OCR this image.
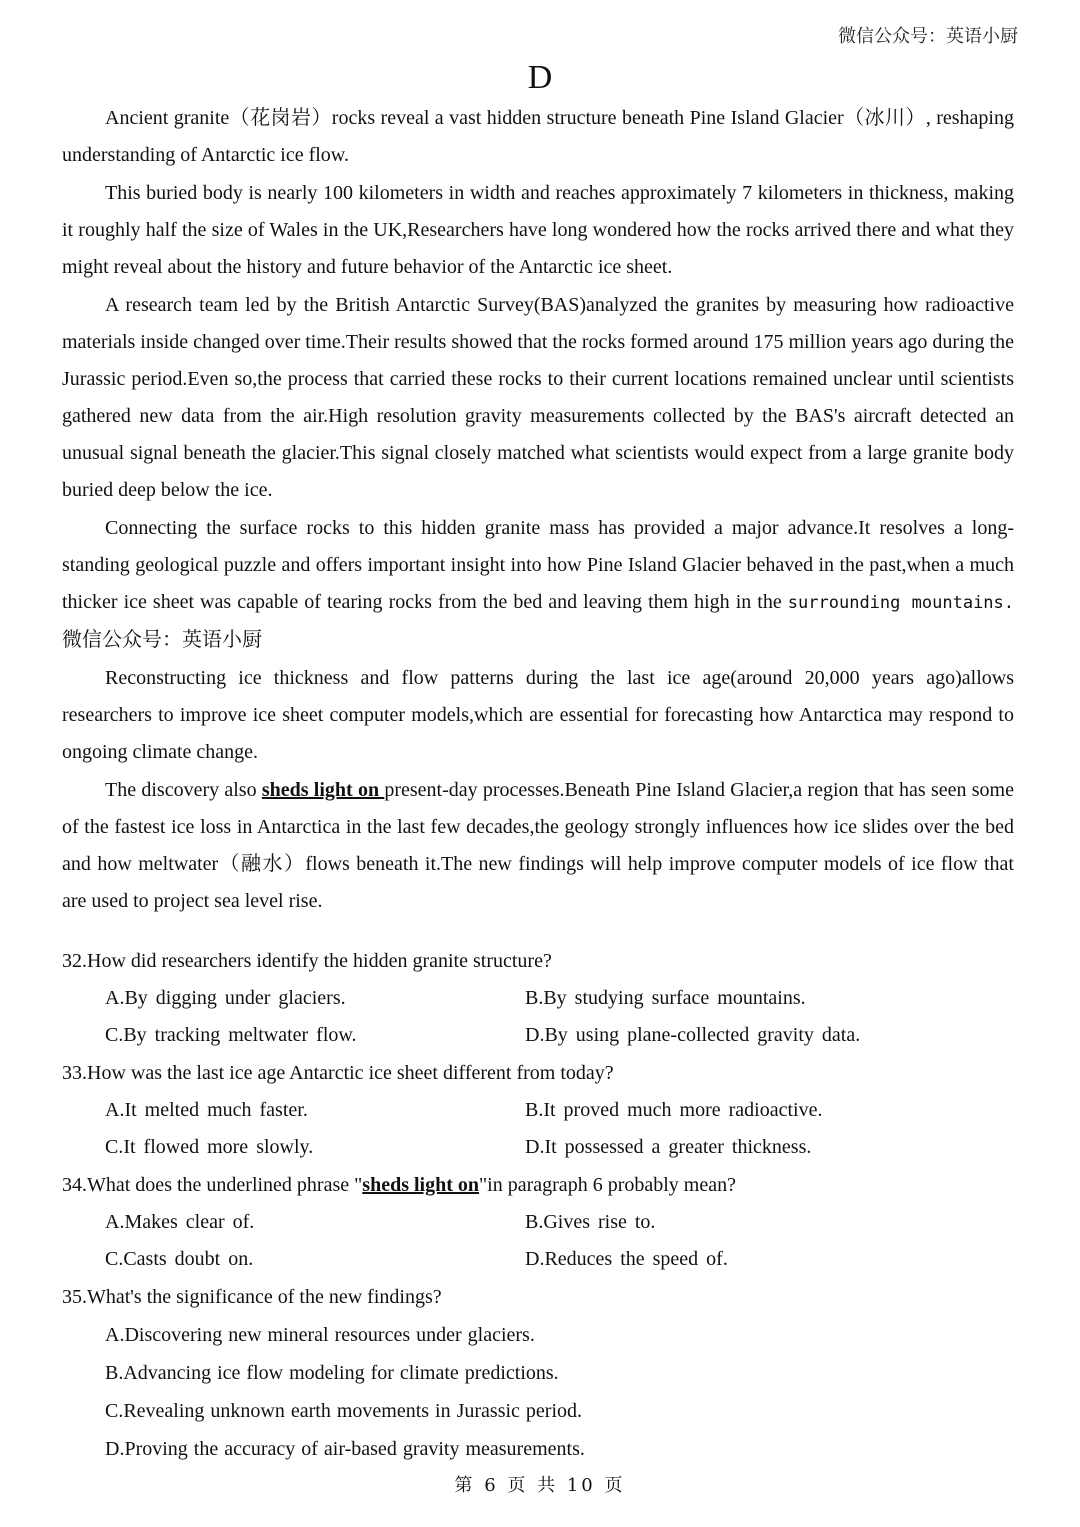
微信公众号：英语小厨
D

Ancient granite（花岗岩）rocks reveal a vast hidden structure beneath Pine Island Glacier（冰川）, reshaping understanding of Antarctic ice flow.

This buried body is nearly 100 kilometers in width and reaches approximately 7 kilometers in thickness, making it roughly half the size of Wales in the UK,Researchers have long wondered how the rocks arrived there and what they might reveal about the history and future behavior of the Antarctic ice sheet.

A research team led by the British Antarctic Survey(BAS)analyzed the granites by measuring how radioactive materials inside changed over time.Their results showed that the rocks formed around 175 million years ago during the Jurassic period.Even so,the process that carried these rocks to their current locations remained unclear until scientists gathered new data from the air.High resolution gravity measurements collected by the BAS's aircraft detected an unusual signal beneath the glacier.This signal closely matched what scientists would expect from a large granite body buried deep below the ice.

Connecting the surface rocks to this hidden granite mass has provided a major advance.It resolves a long-standing geological puzzle and offers important insight into how Pine Island Glacier behaved in the past,when a much thicker ice sheet was capable of tearing rocks from the bed and leaving them high in the surrounding mountains.微信公众号：英语小厨

Reconstructing ice thickness and flow patterns during the last ice age(around 20,000 years ago)allows researchers to improve ice sheet computer models,which are essential for forecasting how Antarctica may respond to ongoing climate change.

The discovery also sheds light on present-day processes.Beneath Pine Island Glacier,a region that has seen some of the fastest ice loss in Antarctica in the last few decades,the geology strongly influences how ice slides over the bed and how meltwater（融水）flows beneath it.The new findings will help improve computer models of ice flow that are used to project sea level rise.

32.How did researchers identify the hidden granite structure?

A.By digging under glaciers.	B.By studying surface mountains.
C.By tracking meltwater flow.	D.By using plane-collected gravity data.

33.How was the last ice age Antarctic ice sheet different from today?

A.It melted much faster.	B.It proved much more radioactive.
C.It flowed more slowly.	D.It possessed a greater thickness.

34.What does the underlined phrase "sheds light on"in paragraph 6 probably mean?

A.Makes clear of.	B.Gives rise to.
C.Casts doubt on.	D.Reduces the speed of.

35.What's the significance of the new findings?

A.Discovering new mineral resources under glaciers.
B.Advancing ice flow modeling for climate predictions.
C.Revealing unknown earth movements in Jurassic period.
D.Proving the accuracy of air-based gravity measurements.
第 6 页 共 10 页
